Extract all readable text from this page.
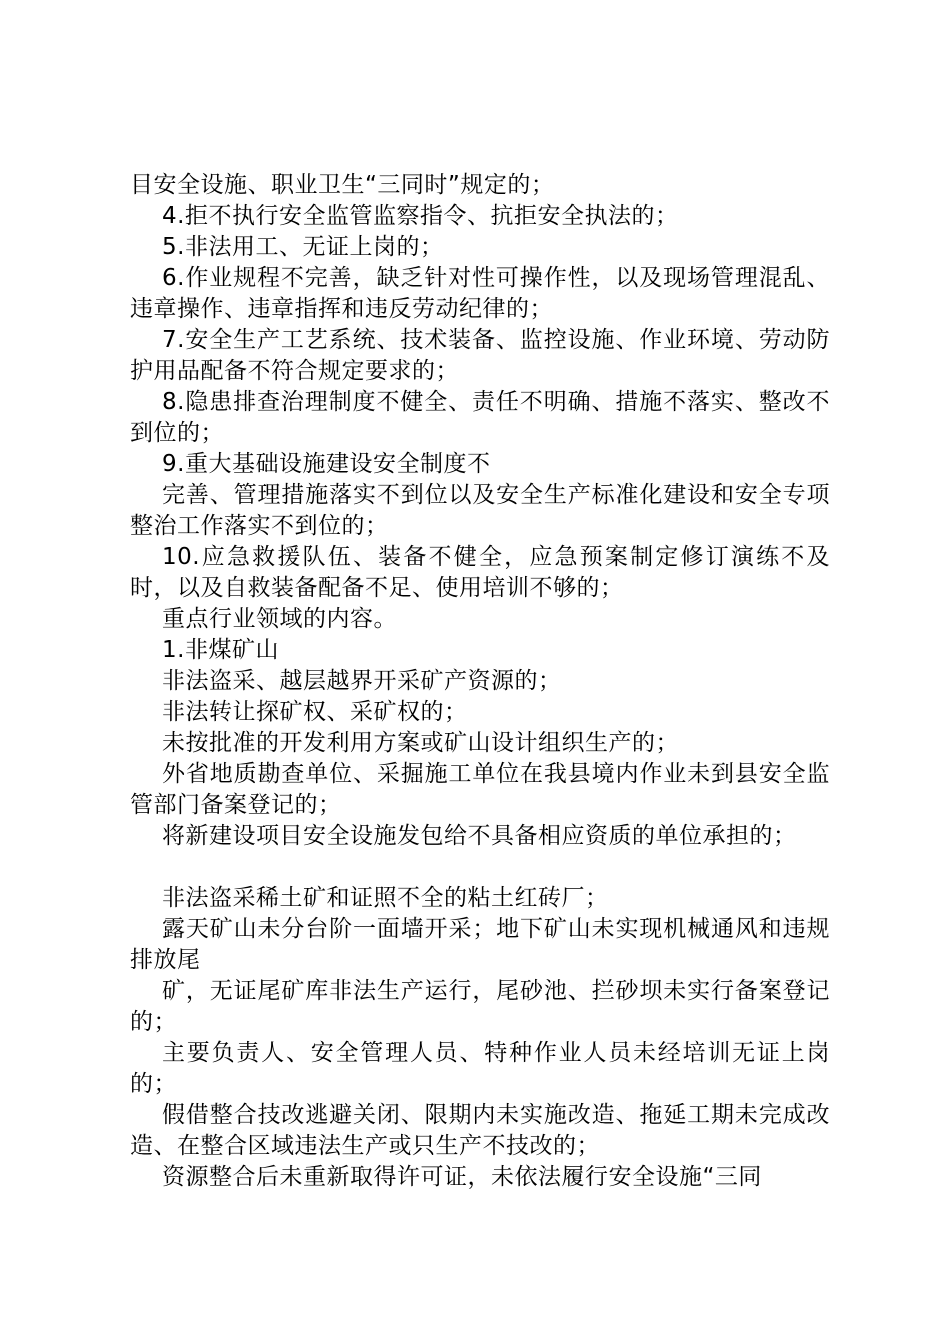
目安全设施、职业卫生“三同时”规定的；

4.拒不执行安全监管监察指令、抗拒安全执法的；

5.非法用工、无证上岗的；

6.作业规程不完善，缺乏针对性可操作性，以及现场管理混乱、违章操作、违章指挥和违反劳动纪律的；

7.安全生产工艺系统、技术装备、监控设施、作业环境、劳动防护用品配备不符合规定要求的；

8.隐患排查治理制度不健全、责任不明确、措施不落实、整改不到位的；

9.重大基础设施建设安全制度不

完善、管理措施落实不到位以及安全生产标准化建设和安全专项整治工作落实不到位的；

10.应急救援队伍、装备不健全，应急预案制定修订演练不及时，以及自救装备配备不足、使用培训不够的；

重点行业领域的内容。

1.非煤矿山

非法盗采、越层越界开采矿产资源的；

非法转让探矿权、采矿权的；

未按批准的开发利用方案或矿山设计组织生产的；

外省地质勘查单位、采掘施工单位在我县境内作业未到县安全监管部门备案登记的；

将新建设项目安全设施发包给不具备相应资质的单位承担的；

非法盗采稀土矿和证照不全的粘土红砖厂；

露天矿山未分台阶一面墙开采；地下矿山未实现机械通风和违规排放尾

矿，无证尾矿库非法生产运行，尾砂池、拦砂坝未实行备案登记的；

主要负责人、安全管理人员、特种作业人员未经培训无证上岗的；

假借整合技改逃避关闭、限期内未实施改造、拖延工期未完成改造、在整合区域违法生产或只生产不技改的；

资源整合后未重新取得许可证，未依法履行安全设施“三同
